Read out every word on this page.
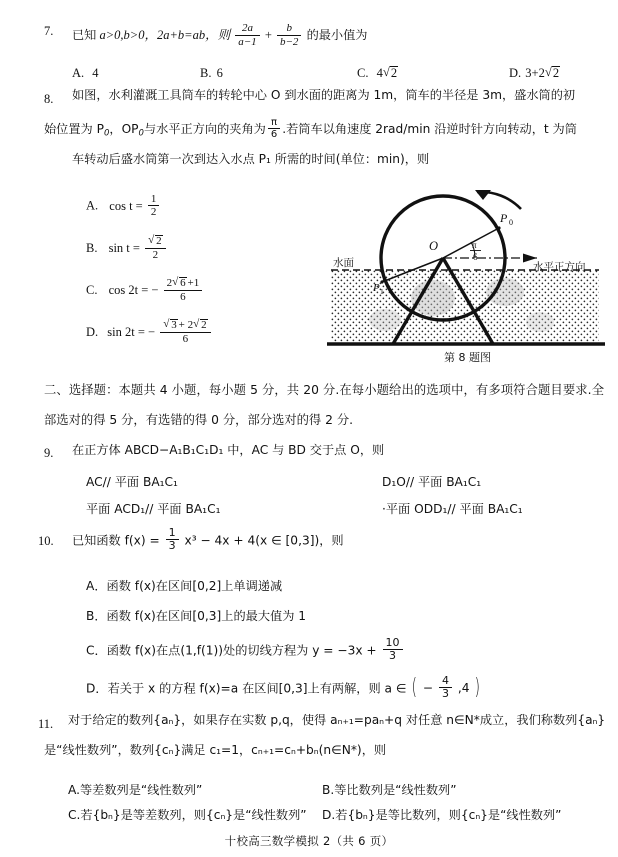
7. 已知 a>0,b>0，2a+b=ab，则 $\frac{2a}{a-1} + \frac{b}{b-2}$ 的最小值为
A. 4	B. 6	C. 4 √ 2	D. 3+2 √ 2
8. 如图，水利灌溉工具筒车的转轮中心 O 到水面的距离为 1m，筒车的半径是 3m，盛水筒的初
始位置为 $P_0$，$OP_0$与水平正方向的夹角为 $\frac{\pi}{6}$ .若筒车以角速度 2rad/min 沿逆时针方向转动，t 为筒
车转动后盛水筒第一次到达入水点 P₁ 所需的时间(单位：min)，则
A. $\cos t = \frac{1}{2}$
B. sin t = √ $\frac{2}{2}$
C. cos 2t = − $\frac{2 √ 6 +1}{6}$
D. sin 2t = − √ $\frac{3 + 2 √ 2}{6}$
P 0
O
P 1
水面	水平正方向
π
6
第 8 题图
二、选择题：本题共 4 小题，每小题 5 分，共 20 分.在每小题给出的选项中，有多项符合题目要求.全部选对的得 5 分，有选错的得 0 分，部分选对的得 2 分.
9. 在正方体 ABCD−A₁B₁C₁D₁ 中，AC 与 BD 交于点 O，则
AC// 平面 BA₁C₁	D₁O// 平面 BA₁C₁
平面 ACD₁// 平面 BA₁C₁	·平面 ODD₁// 平面 BA₁C₁
10. 已知函数 $f(x) = \frac{1}{3} x^3 - 4x + 4(x$ ∈ [0,3])，则
A．函数 f(x)在区间[0,2]上单调递减
B．函数 f(x)在区间[0,3]上的最大值为 1
C．函数 f(x)在点(1,f(1))处的切线方程为 $y = -3x + \frac{10}{3}$
D．若关于 x 的方程 f(x)=a 在区间[0,3]上有两解，则 a ∈ ( − $\frac{4}{3} ,4$ )
11. 对于给定的数列{aₙ}，如果存在实数 p,q，使得 aₙ₊₁=paₙ+q 对任意 n∈N*成立，我们称数列{aₙ}
是“线性数列”，数列{cₙ}满足 c₁=1，cₙ₊₁=cₙ+bₙ(n∈N*)，则
A.等差数列是“线性数列”	B.等比数列是“线性数列”
C.若{bₙ}是等差数列，则{cₙ}是“线性数列” D.若{bₙ}是等比数列，则{cₙ}是“线性数列”
十校高三数学模拟 2（共 6 页）
